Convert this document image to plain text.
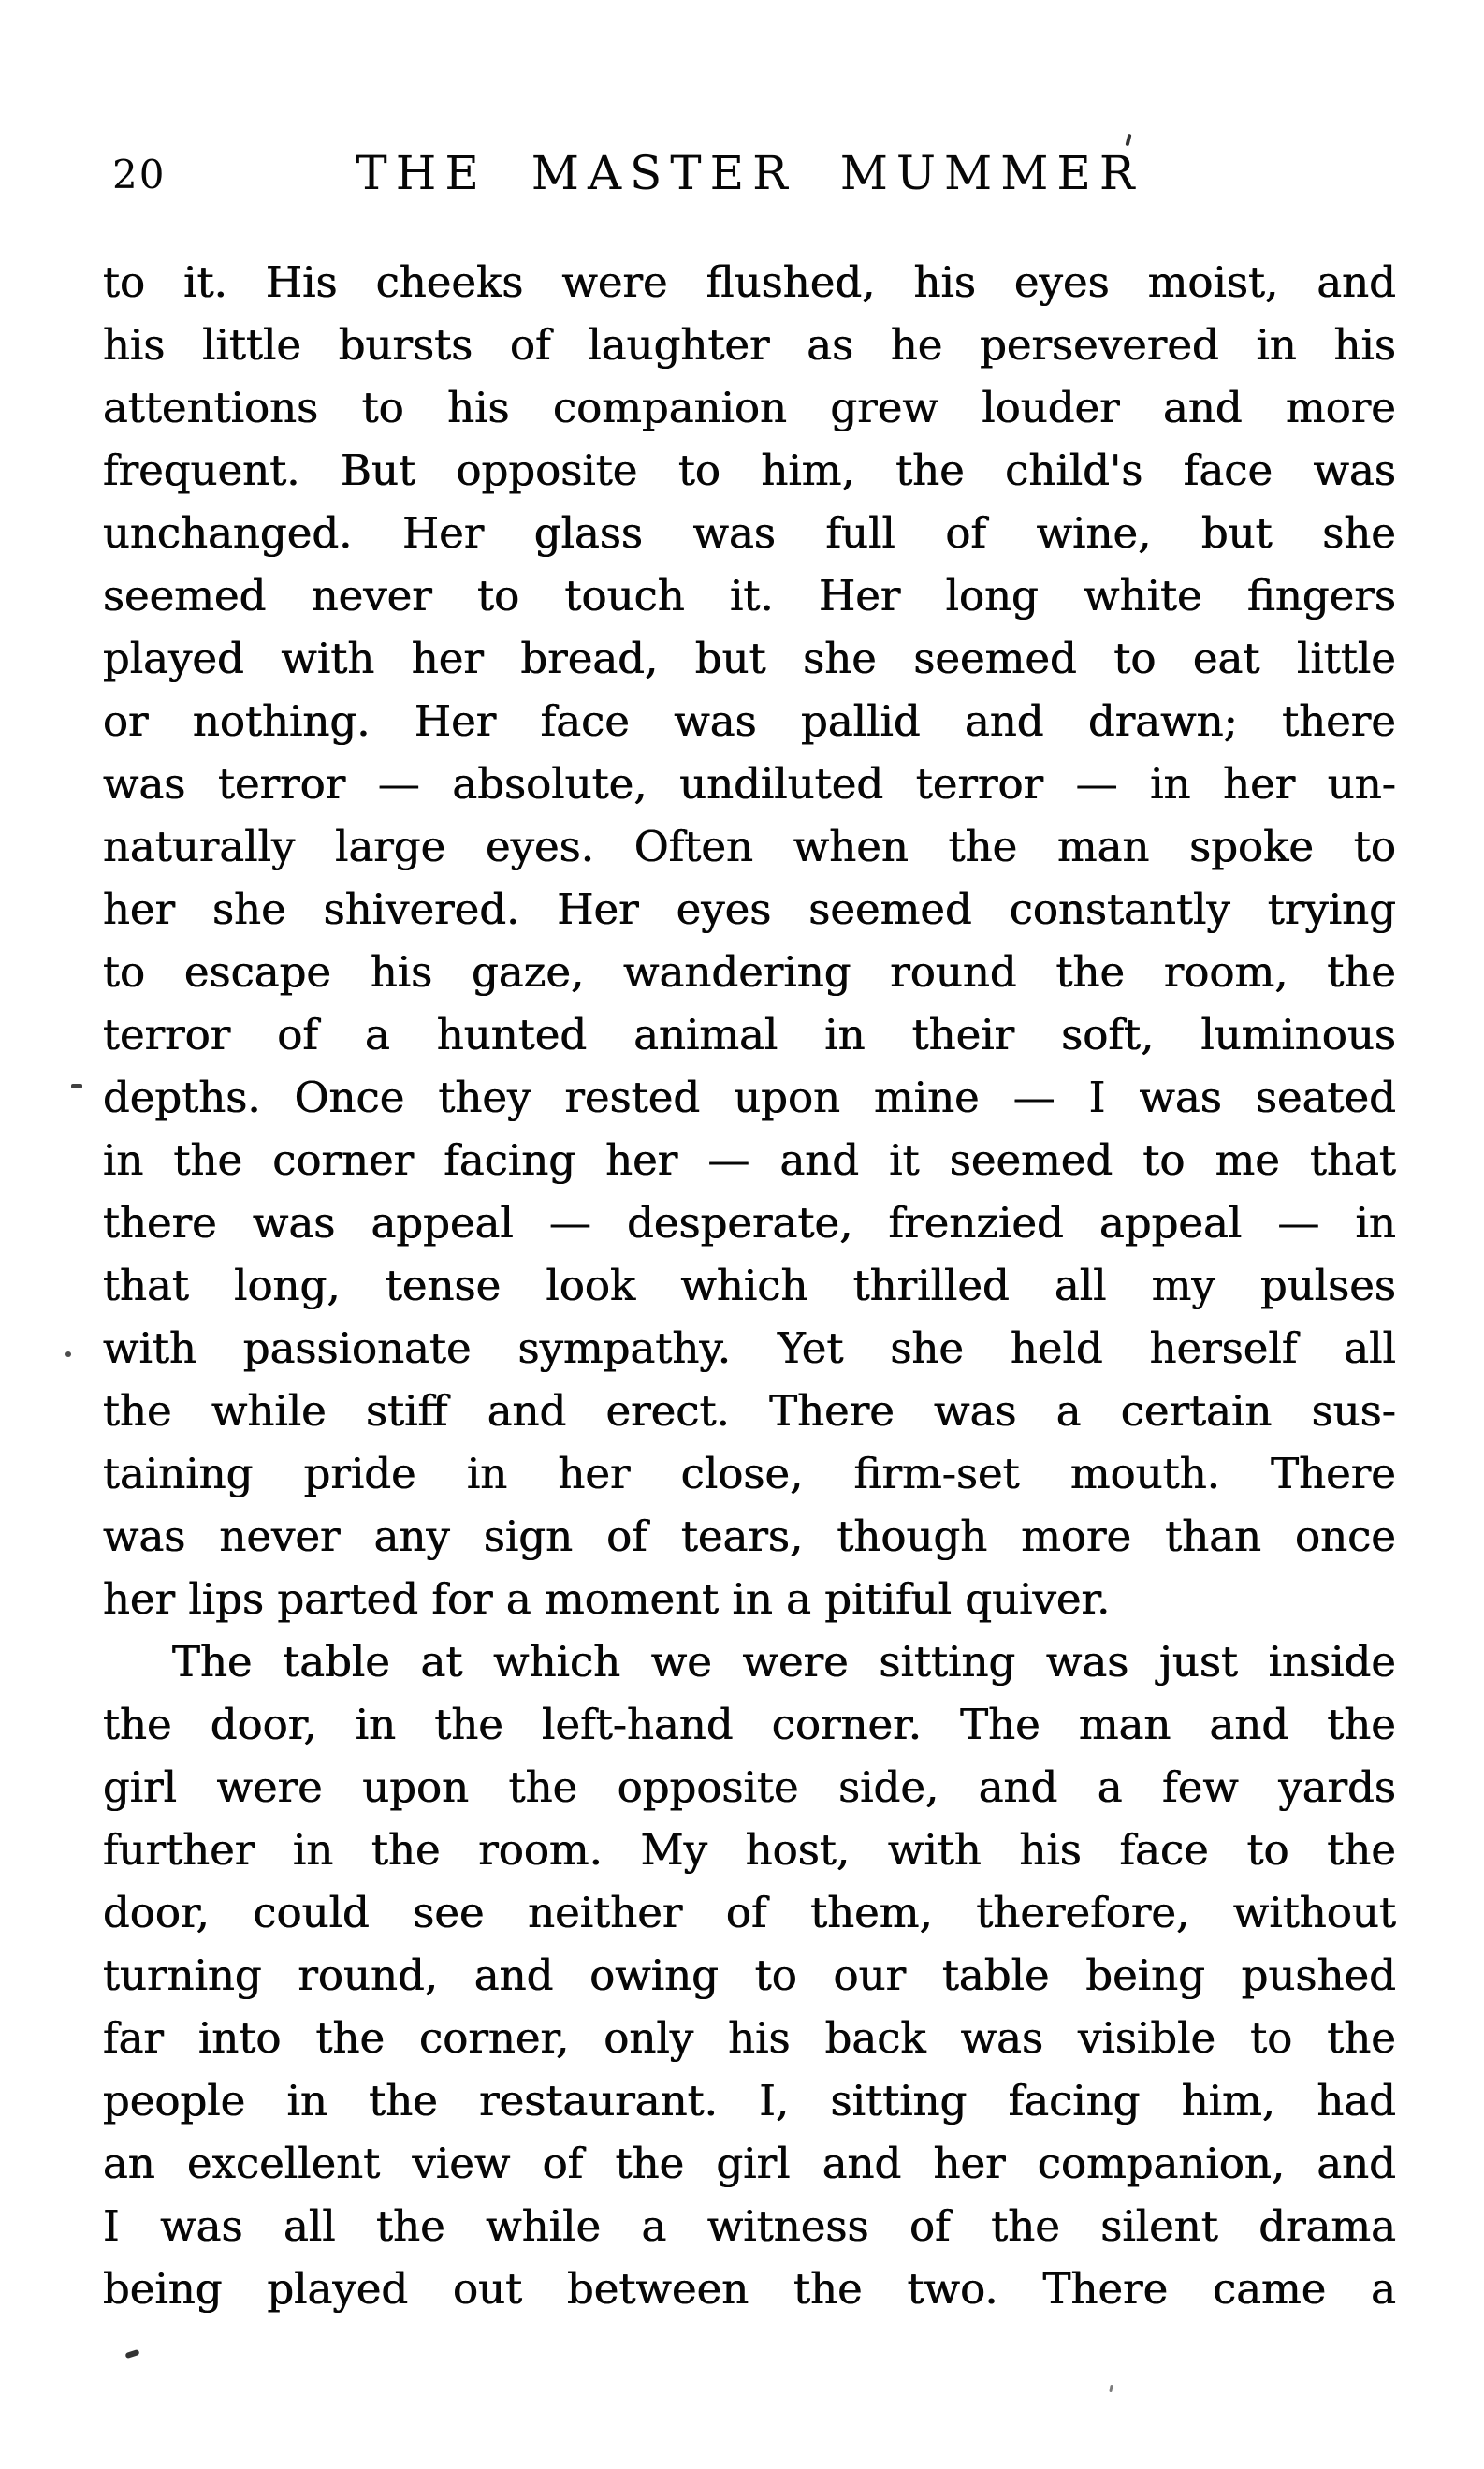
20	THE MASTER MUMMER

to it. His cheeks were flushed, his eyes moist, and
his little bursts of laughter as he persevered in his
attentions to his companion grew louder and more
frequent. But opposite to him, the child's face was
unchanged. Her glass was full of wine, but she
seemed never to touch it. Her long white fingers
played with her bread, but she seemed to eat little
or nothing. Her face was pallid and drawn; there
was terror — absolute, undiluted terror — in her un-
naturally large eyes. Often when the man spoke to
her she shivered. Her eyes seemed constantly trying
to escape his gaze, wandering round the room, the
terror of a hunted animal in their soft, luminous
depths. Once they rested upon mine — I was seated
in the corner facing her — and it seemed to me that
there was appeal — desperate, frenzied appeal — in
that long, tense look which thrilled all my pulses
with passionate sympathy. Yet she held herself all
the while stiff and erect. There was a certain sus-
taining pride in her close, firm-set mouth. There
was never any sign of tears, though more than once
her lips parted for a moment in a pitiful quiver.

The table at which we were sitting was just inside
the door, in the left-hand corner. The man and the
girl were upon the opposite side, and a few yards
further in the room. My host, with his face to the
door, could see neither of them, therefore, without
turning round, and owing to our table being pushed
far into the corner, only his back was visible to the
people in the restaurant. I, sitting facing him, had
an excellent view of the girl and her companion, and
I was all the while a witness of the silent drama
being played out between the two. There came a
